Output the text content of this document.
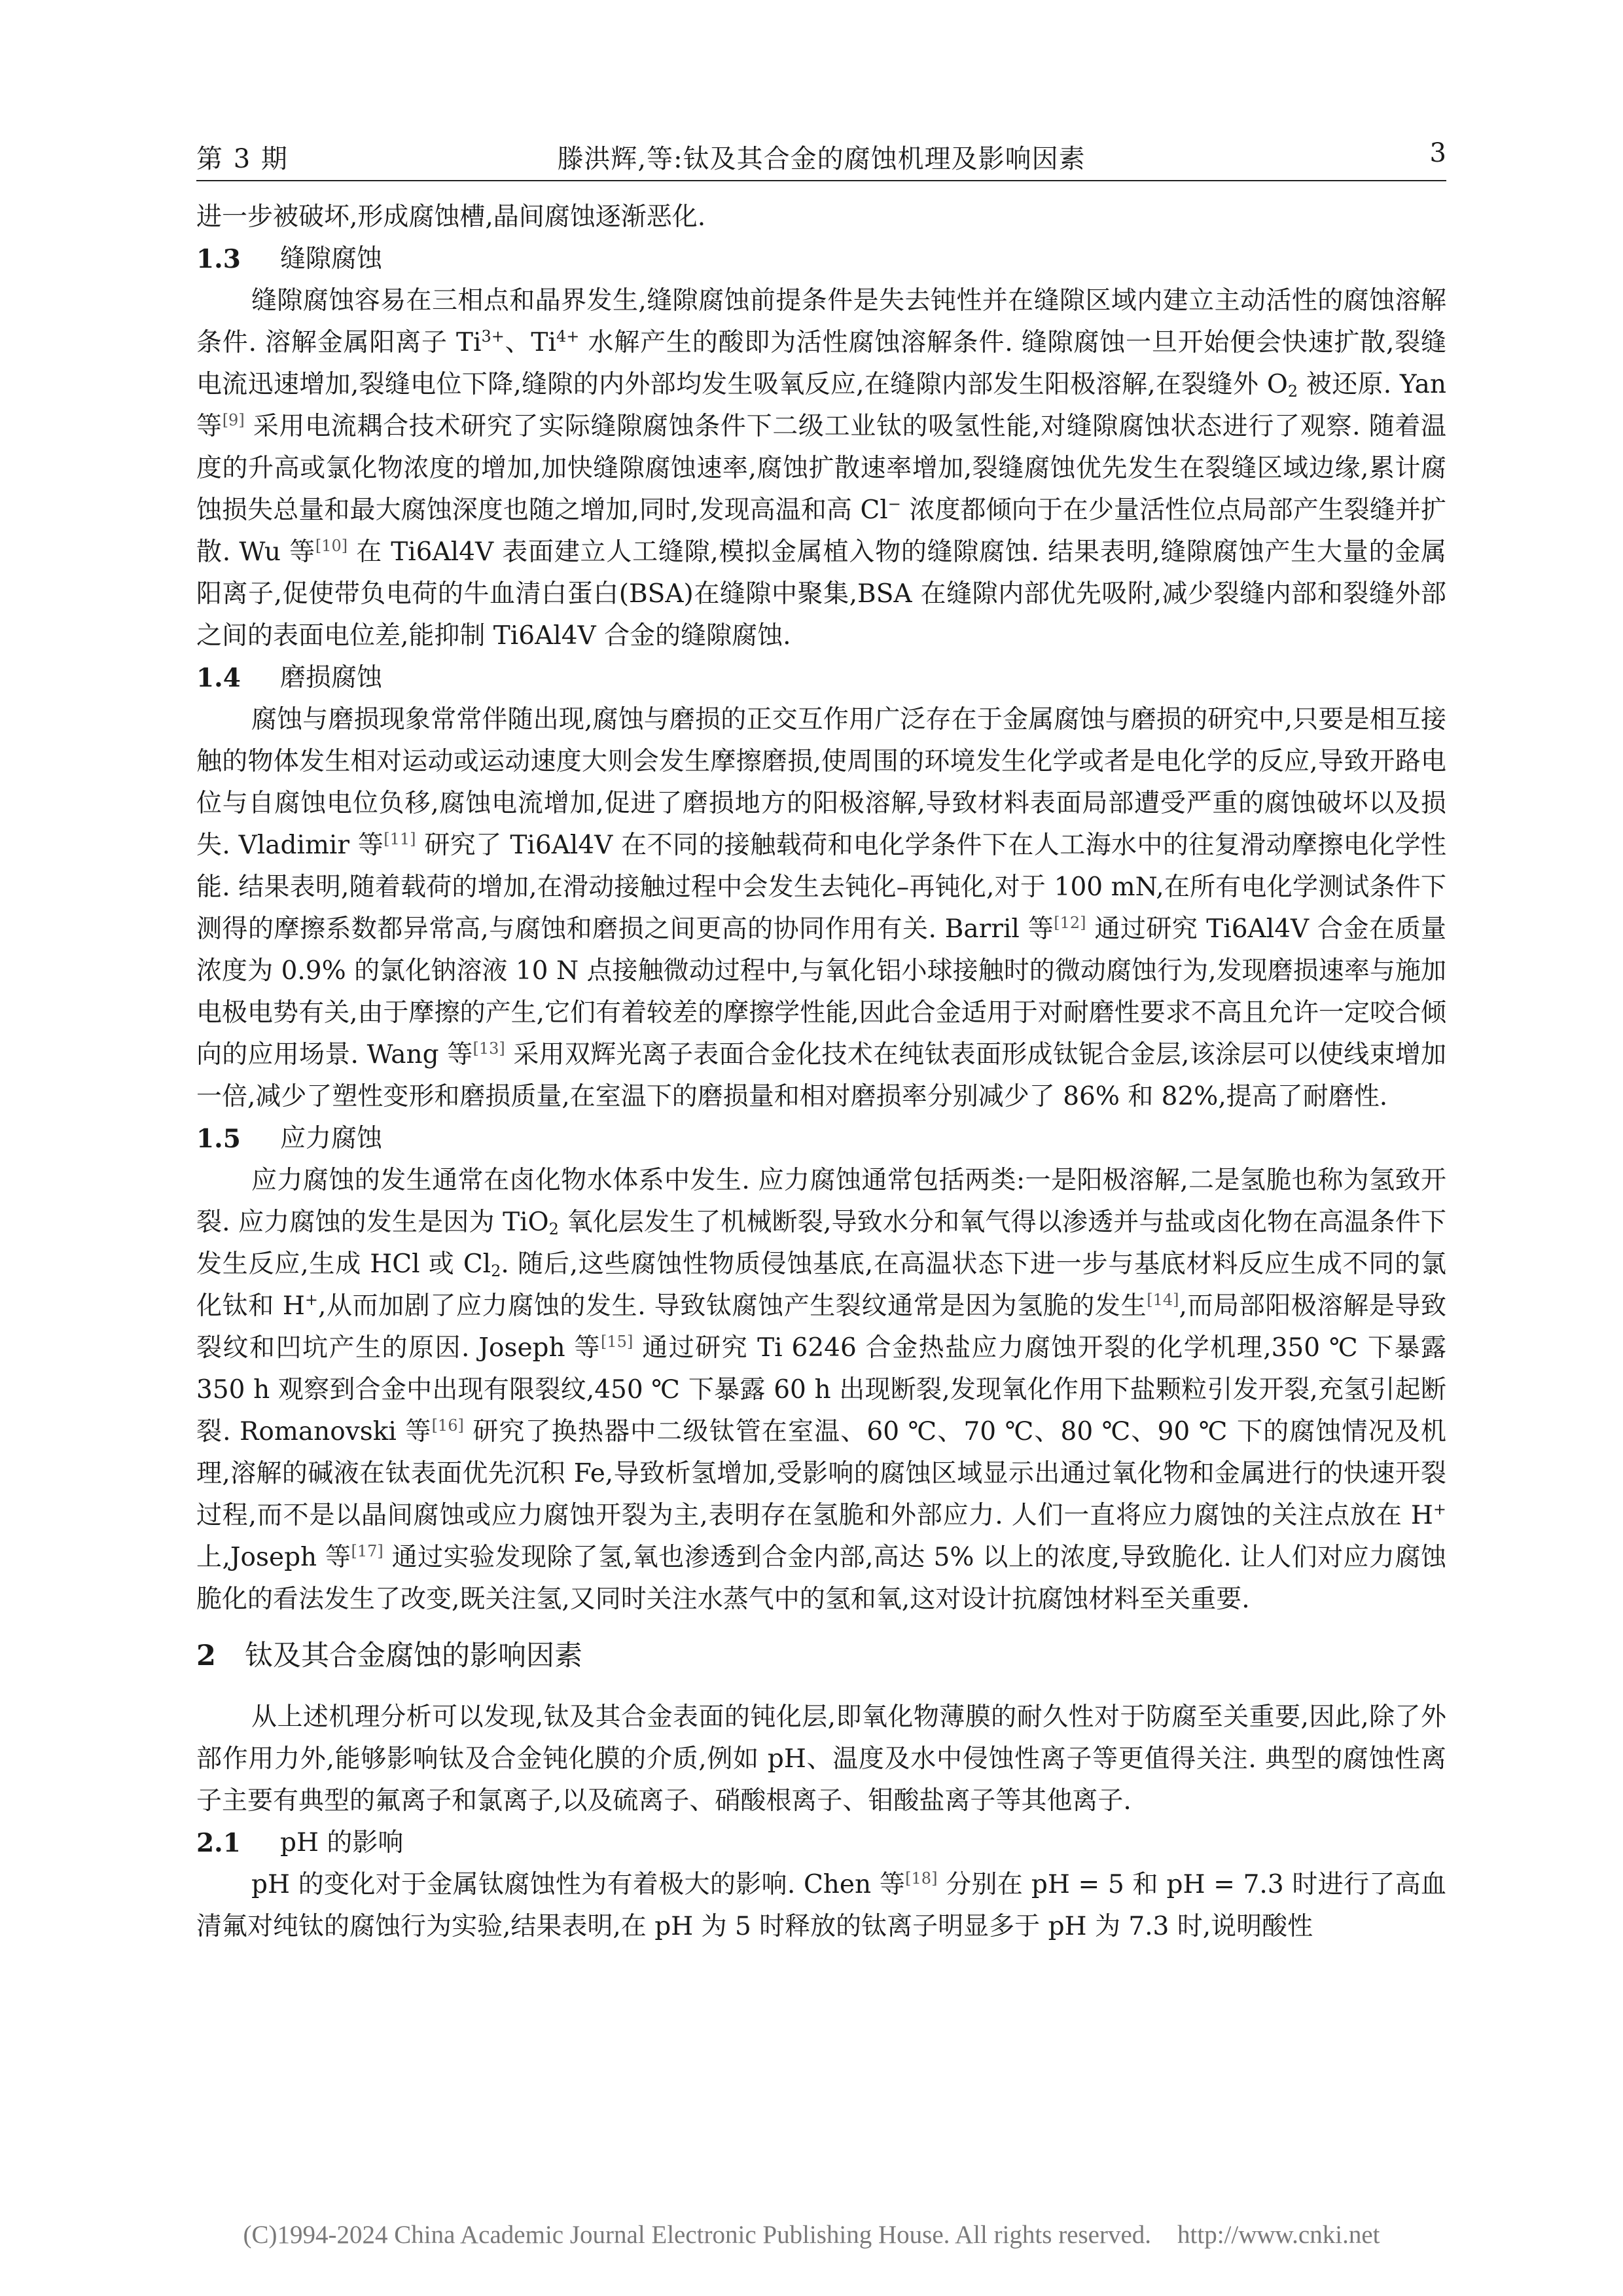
第 3 期	滕洪辉,等:钛及其合金的腐蚀机理及影响因素	3

进一步被破坏,形成腐蚀槽,晶间腐蚀逐渐恶化.

1.3	缝隙腐蚀

缝隙腐蚀容易在三相点和晶界发生,缝隙腐蚀前提条件是失去钝性并在缝隙区域内建立主动活性的腐蚀溶解条件. 溶解金属阳离子 $Ti^{3+}$、$Ti^{4+}$ 水解产生的酸即为活性腐蚀溶解条件. 缝隙腐蚀一旦开始便会快速扩散,裂缝电流迅速增加,裂缝电位下降,缝隙的内外部均发生吸氧反应,在缝隙内部发生阳极溶解,在裂缝外 $O_2$ 被还原. Yan 等[9] 采用电流耦合技术研究了实际缝隙腐蚀条件下二级工业钛的吸氢性能,对缝隙腐蚀状态进行了观察. 随着温度的升高或氯化物浓度的增加,加快缝隙腐蚀速率,腐蚀扩散速率增加,裂缝腐蚀优先发生在裂缝区域边缘,累计腐蚀损失总量和最大腐蚀深度也随之增加,同时,发现高温和高 Cl− 浓度都倾向于在少量活性位点局部产生裂缝并扩散. Wu 等[10] 在 Ti6Al4V 表面建立人工缝隙,模拟金属植入物的缝隙腐蚀. 结果表明,缝隙腐蚀产生大量的金属阳离子,促使带负电荷的牛血清白蛋白(BSA)在缝隙中聚集,BSA 在缝隙内部优先吸附,减少裂缝内部和裂缝外部之间的表面电位差,能抑制 Ti6Al4V 合金的缝隙腐蚀.

1.4	磨损腐蚀

腐蚀与磨损现象常常伴随出现,腐蚀与磨损的正交互作用广泛存在于金属腐蚀与磨损的研究中,只要是相互接触的物体发生相对运动或运动速度大则会发生摩擦磨损,使周围的环境发生化学或者是电化学的反应,导致开路电位与自腐蚀电位负移,腐蚀电流增加,促进了磨损地方的阳极溶解,导致材料表面局部遭受严重的腐蚀破坏以及损失. Vladimir 等[11] 研究了 Ti6Al4V 在不同的接触载荷和电化学条件下在人工海水中的往复滑动摩擦电化学性能. 结果表明,随着载荷的增加,在滑动接触过程中会发生去钝化–再钝化,对于 100 mN,在所有电化学测试条件下测得的摩擦系数都异常高,与腐蚀和磨损之间更高的协同作用有关. Barril 等[12] 通过研究 Ti6Al4V 合金在质量浓度为 0.9% 的氯化钠溶液 10 N 点接触微动过程中,与氧化铝小球接触时的微动腐蚀行为,发现磨损速率与施加电极电势有关,由于摩擦的产生,它们有着较差的摩擦学性能,因此合金适用于对耐磨性要求不高且允许一定咬合倾向的应用场景. Wang 等[13] 采用双辉光离子表面合金化技术在纯钛表面形成钛铌合金层,该涂层可以使线束增加一倍,减少了塑性变形和磨损质量,在室温下的磨损量和相对磨损率分别减少了 86% 和 82%,提高了耐磨性.

1.5	应力腐蚀

应力腐蚀的发生通常在卤化物水体系中发生. 应力腐蚀通常包括两类:一是阳极溶解,二是氢脆也称为氢致开裂. 应力腐蚀的发生是因为 TiO$_2$ 氧化层发生了机械断裂,导致水分和氧气得以渗透并与盐或卤化物在高温条件下发生反应,生成 HCl 或 $Cl_2$. 随后,这些腐蚀性物质侵蚀基底,在高温状态下进一步与基底材料反应生成不同的氯化钛和 H+,从而加剧了应力腐蚀的发生. 导致钛腐蚀产生裂纹通常是因为氢脆的发生[14],而局部阳极溶解是导致裂纹和凹坑产生的原因. Joseph 等[15] 通过研究 Ti 6246 合金热盐应力腐蚀开裂的化学机理,350 ℃ 下暴露 350 h 观察到合金中出现有限裂纹,450 ℃ 下暴露 60 h 出现断裂,发现氧化作用下盐颗粒引发开裂,充氢引起断裂. Romanovski 等[16] 研究了换热器中二级钛管在室温、60 ℃、70 ℃、80 ℃、90 ℃ 下的腐蚀情况及机理,溶解的碱液在钛表面优先沉积 Fe,导致析氢增加,受影响的腐蚀区域显示出通过氧化物和金属进行的快速开裂过程,而不是以晶间腐蚀或应力腐蚀开裂为主,表明存在氢脆和外部应力. 人们一直将应力腐蚀的关注点放在 H+ 上,Joseph 等[17] 通过实验发现除了氢,氧也渗透到合金内部,高达 5% 以上的浓度,导致脆化. 让人们对应力腐蚀脆化的看法发生了改变,既关注氢,又同时关注水蒸气中的氢和氧,这对设计抗腐蚀材料至关重要.

2	钛及其合金腐蚀的影响因素

从上述机理分析可以发现,钛及其合金表面的钝化层,即氧化物薄膜的耐久性对于防腐至关重要,因此,除了外部作用力外,能够影响钛及合金钝化膜的介质,例如 pH、温度及水中侵蚀性离子等更值得关注. 典型的腐蚀性离子主要有典型的氟离子和氯离子,以及硫离子、硝酸根离子、钼酸盐离子等其他离子.

2.1	pH 的影响

pH 的变化对于金属钛腐蚀性为有着极大的影响. Chen 等[18] 分别在 pH = 5 和 pH = 7.3 时进行了高血清氟对纯钛的腐蚀行为实验,结果表明,在 pH 为 5 时释放的钛离子明显多于 pH 为 7.3 时,说明酸性

(C)1994-2024 China Academic Journal Electronic Publishing House. All rights reserved. http://www.cnki.net
